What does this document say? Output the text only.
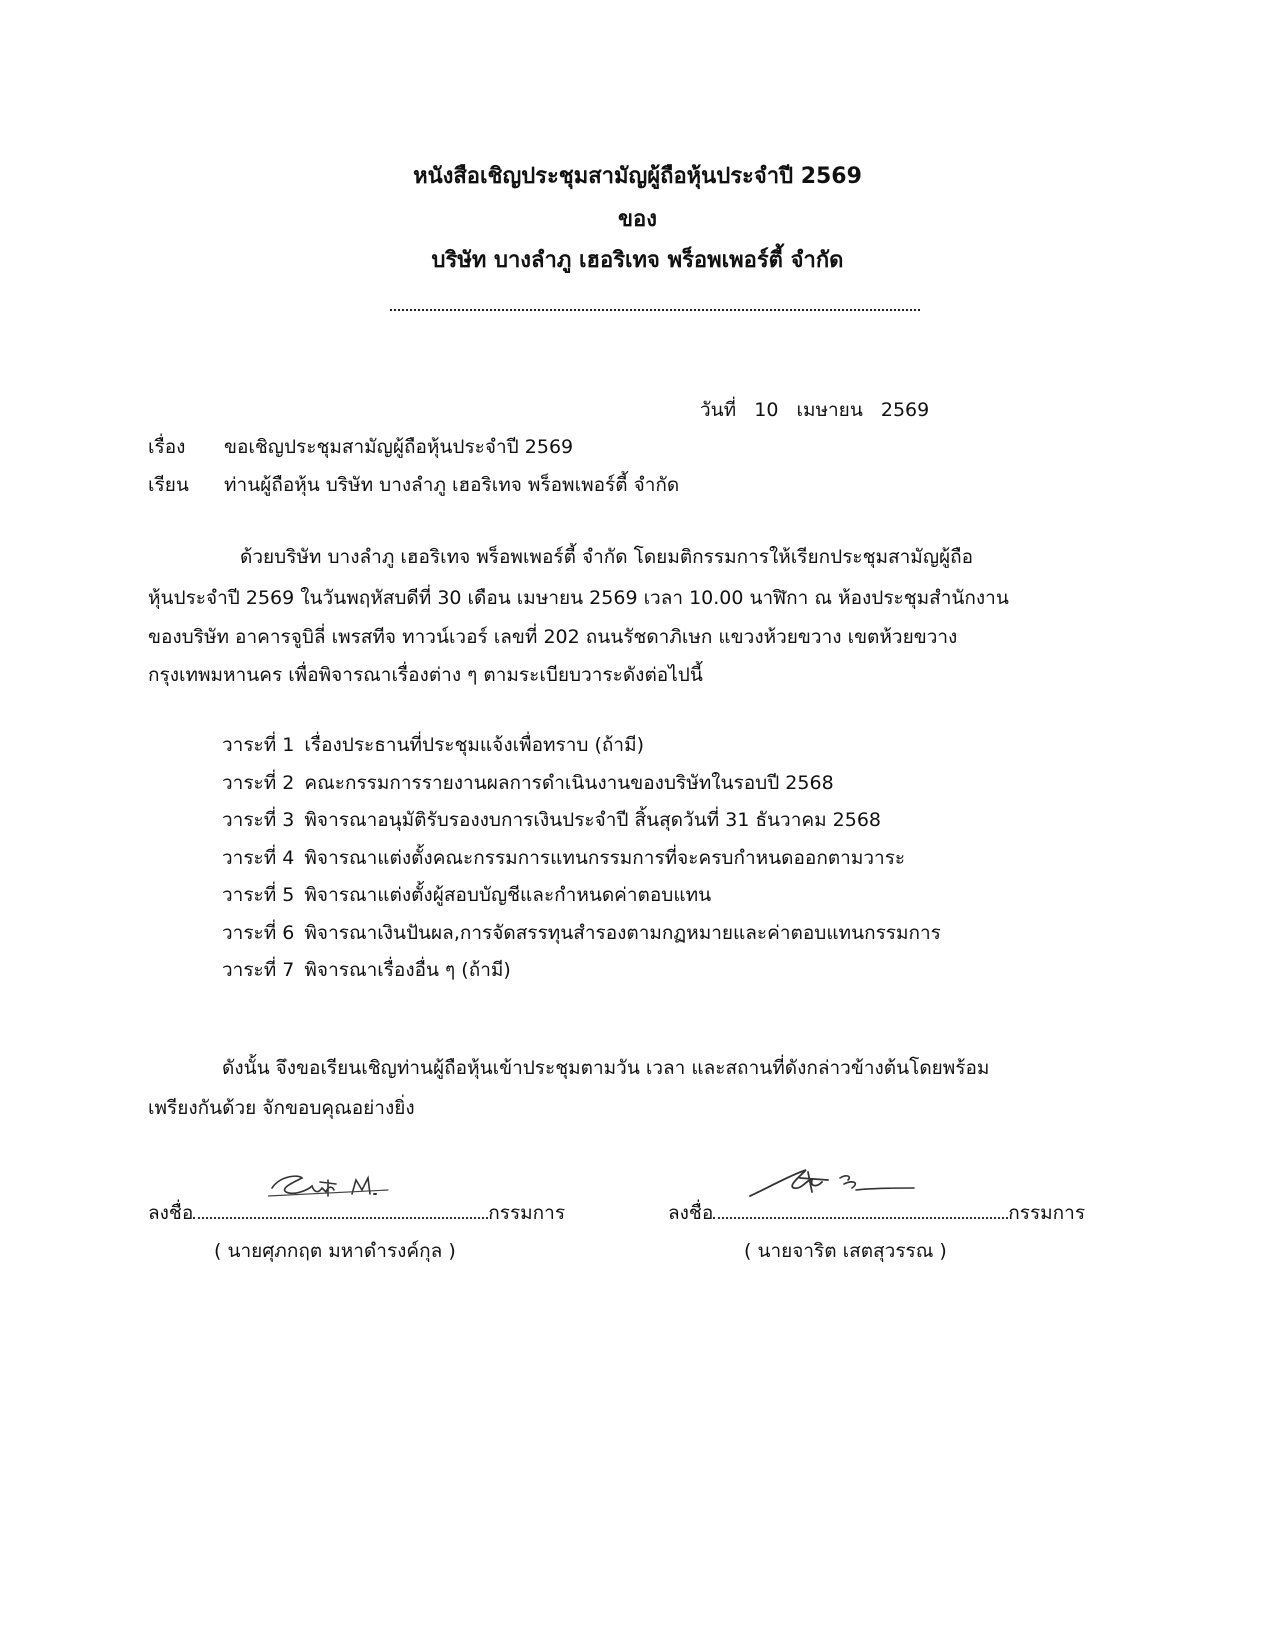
หนังสือเชิญประชุมสามัญผู้ถือหุ้นประจำปี 2569
ของ
บริษัท บางลำภู เฮอริเทจ พร็อพเพอร์ตี้ จำกัด
วันที่ 10 เมษายน 2569
เรื่อง ขอเชิญประชุมสามัญผู้ถือหุ้นประจำปี 2569
เรียน ท่านผู้ถือหุ้น บริษัท บางลำภู เฮอริเทจ พร็อพเพอร์ตี้ จำกัด
ด้วยบริษัท บางลำภู เฮอริเทจ พร็อพเพอร์ตี้ จำกัด โดยมติกรรมการให้เรียกประชุมสามัญผู้ถือ
หุ้นประจำปี 2569 ในวันพฤหัสบดีที่ 30 เดือน เมษายน 2569 เวลา 10.00 นาฬิกา ณ ห้องประชุมสำนักงาน
ของบริษัท อาคารจูบิลี่ เพรสทีจ ทาวน์เวอร์ เลขที่ 202 ถนนรัชดาภิเษก แขวงห้วยขวาง เขตห้วยขวาง
กรุงเทพมหานคร เพื่อพิจารณาเรื่องต่าง ๆ ตามระเบียบวาระดังต่อไปนี้
วาระที่ 1 เรื่องประธานที่ประชุมแจ้งเพื่อทราบ (ถ้ามี)
วาระที่ 2 คณะกรรมการรายงานผลการดำเนินงานของบริษัทในรอบปี 2568
วาระที่ 3 พิจารณาอนุมัติรับรองงบการเงินประจำปี สิ้นสุดวันที่ 31 ธันวาคม 2568
วาระที่ 4 พิจารณาแต่งตั้งคณะกรรมการแทนกรรมการที่จะครบกำหนดออกตามวาระ
วาระที่ 5 พิจารณาแต่งตั้งผู้สอบบัญชีและกำหนดค่าตอบแทน
วาระที่ 6 พิจารณาเงินปันผล,การจัดสรรทุนสำรองตามกฏหมายและค่าตอบแทนกรรมการ
วาระที่ 7 พิจารณาเรื่องอื่น ๆ (ถ้ามี)
ดังนั้น จึงขอเรียนเชิญท่านผู้ถือหุ้นเข้าประชุมตามวัน เวลา และสถานที่ดังกล่าวข้างต้นโดยพร้อม
เพรียงกันด้วย จักขอบคุณอย่างยิ่ง
ลงชื่อ	กรรมการ
( นายศุภกฤต มหาดำรงค์กุล )
ลงชื่อ	กรรมการ
( นายจาริต เสตสุวรรณ )
